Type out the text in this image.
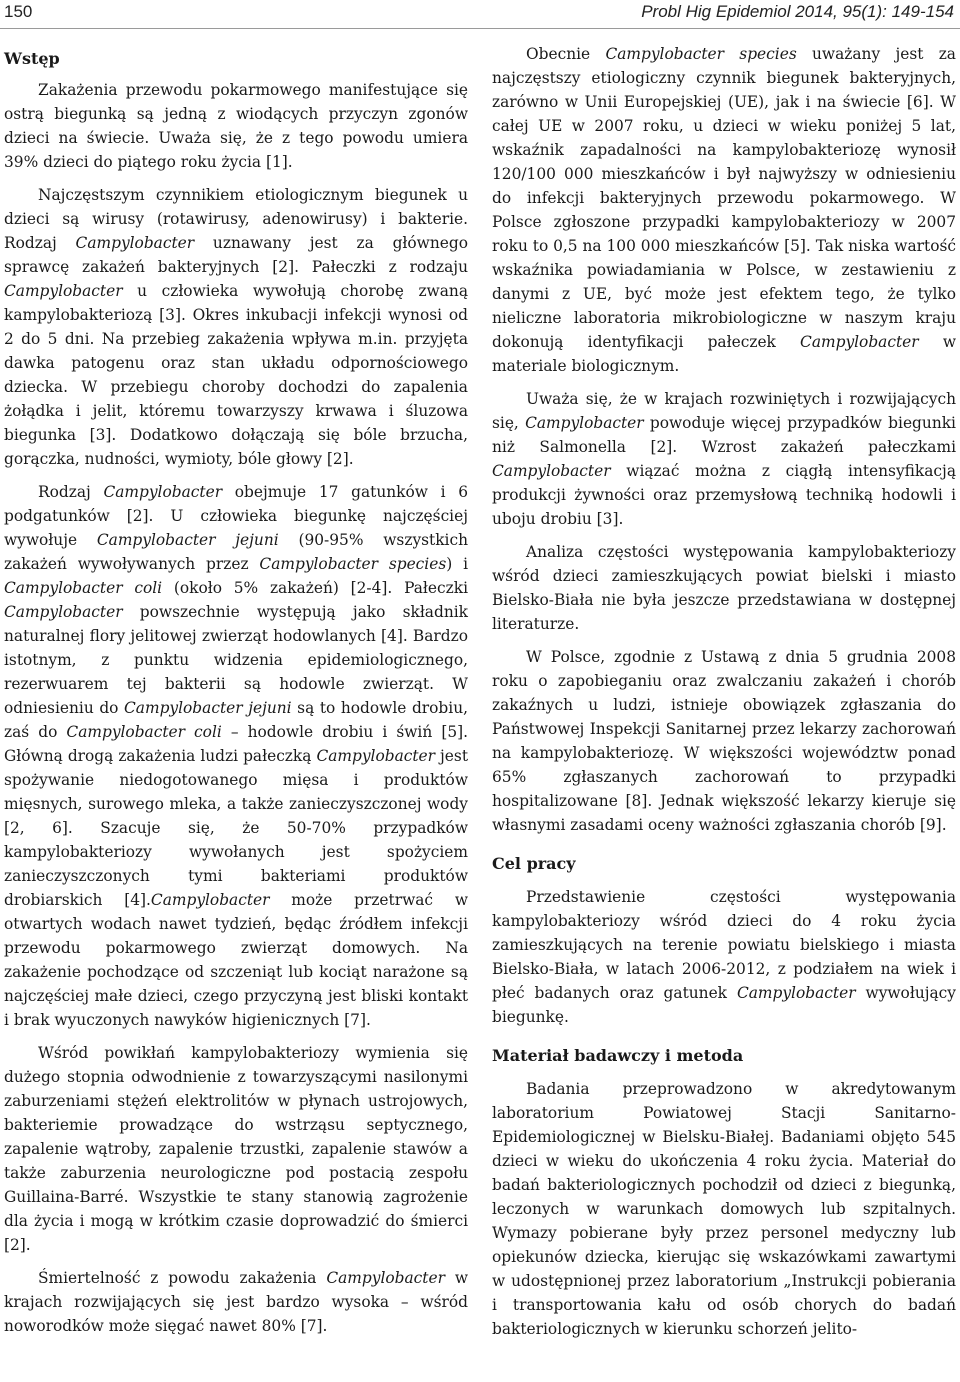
150	Probl Hig Epidemiol 2014, 95(1): 149-154
Wstęp

Zakażenia przewodu pokarmowego manifestujące się ostrą biegunką są jedną z wiodących przyczyn zgonów dzieci na świecie. Uważa się, że z tego powodu umiera 39% dzieci do piątego roku życia [1].

Najczęstszym czynnikiem etiologicznym biegunek u dzieci są wirusy (rotawirusy, adenowirusy) i bakterie. Rodzaj Campylobacter uznawany jest za głównego sprawcę zakażeń bakteryjnych [2]. Pałeczki z rodzaju Campylobacter u człowieka wywołują chorobę zwaną kampylobakteriozą [3]. Okres inkubacji infekcji wynosi od 2 do 5 dni. Na przebieg zakażenia wpływa m.in. przyjęta dawka patogenu oraz stan układu odpornościowego dziecka. W przebiegu choroby dochodzi do zapalenia żołądka i jelit, któremu towarzyszy krwawa i śluzowa biegunka [3]. Dodatkowo dołączają się bóle brzucha, gorączka, nudności, wymioty, bóle głowy [2].

Rodzaj Campylobacter obejmuje 17 gatunków i 6 podgatunków [2]. U człowieka biegunkę najczęściej wywołuje Campylobacter jejuni (90-95% wszystkich zakażeń wywoływanych przez Campylobacter species) i Campylobacter coli (około 5% zakażeń) [2-4]. Pałeczki Campylobacter powszechnie występują jako składnik naturalnej flory jelitowej zwierząt hodowlanych [4]. Bardzo istotnym, z punktu widzenia epidemiologicznego, rezerwuarem tej bakterii są hodowle zwierząt. W odniesieniu do Campylobacter jejuni są to hodowle drobiu, zaś do Campylobacter coli – hodowle drobiu i świń [5]. Główną drogą zakażenia ludzi pałeczką Campylobacter jest spożywanie niedogotowanego mięsa i produktów mięsnych, surowego mleka, a także zanieczyszczonej wody [2, 6]. Szacuje się, że 50-70% przypadków kampylobakteriozy wywołanych jest spożyciem zanieczyszczonych tymi bakteriami produktów drobiarskich [4].Campylobacter może przetrwać w otwartych wodach nawet tydzień, będąc źródłem infekcji przewodu pokarmowego zwierząt domowych. Na zakażenie pochodzące od szczeniąt lub kociąt narażone są najczęściej małe dzieci, czego przyczyną jest bliski kontakt i brak wyuczonych nawyków higienicznych [7].

Wśród powikłań kampylobakteriozy wymienia się dużego stopnia odwodnienie z towarzyszącymi nasilonymi zaburzeniami stężeń elektrolitów w płynach ustrojowych, bakteriemie prowadzące do wstrząsu septycznego, zapalenie wątroby, zapalenie trzustki, zapalenie stawów a także zaburzenia neurologiczne pod postacią zespołu Guillaina-Barré. Wszystkie te stany stanowią zagrożenie dla życia i mogą w krótkim czasie doprowadzić do śmierci [2].

Śmiertelność z powodu zakażenia Campylobacter w krajach rozwijających się jest bardzo wysoka – wśród noworodków może sięgać nawet 80% [7].

Obecnie Campylobacter species uważany jest za najczęstszy etiologiczny czynnik biegunek bakteryjnych, zarówno w Unii Europejskiej (UE), jak i na świecie [6]. W całej UE w 2007 roku, u dzieci w wieku poniżej 5 lat, wskaźnik zapadalności na kampylobakteriozę wynosił 120/100 000 mieszkańców i był najwyższy w odniesieniu do infekcji bakteryjnych przewodu pokarmowego. W Polsce zgłoszone przypadki kampylobakteriozy w 2007 roku to 0,5 na 100 000 mieszkańców [5]. Tak niska wartość wskaźnika powiadamiania w Polsce, w zestawieniu z danymi z UE, być może jest efektem tego, że tylko nieliczne laboratoria mikrobiologiczne w naszym kraju dokonują identyfikacji pałeczek Campylobacter w materiale biologicznym.

Uważa się, że w krajach rozwiniętych i rozwijających się, Campylobacter powoduje więcej przypadków biegunki niż Salmonella [2]. Wzrost zakażeń pałeczkami Campylobacter wiązać można z ciągłą intensyfikacją produkcji żywności oraz przemysłową techniką hodowli i uboju drobiu [3].

Analiza częstości występowania kampylobakteriozy wśród dzieci zamieszkujących powiat bielski i miasto Bielsko-Biała nie była jeszcze przedstawiana w dostępnej literaturze.

W Polsce, zgodnie z Ustawą z dnia 5 grudnia 2008 roku o zapobieganiu oraz zwalczaniu zakażeń i chorób zakaźnych u ludzi, istnieje obowiązek zgłaszania do Państwowej Inspekcji Sanitarnej przez lekarzy zachorowań na kampylobakteriozę. W większości województw ponad 65% zgłaszanych zachorowań to przypadki hospitalizowane [8]. Jednak większość lekarzy kieruje się własnymi zasadami oceny ważności zgłaszania chorób [9].

Cel pracy

Przedstawienie częstości występowania kampylobakteriozy wśród dzieci do 4 roku życia zamieszkujących na terenie powiatu bielskiego i miasta Bielsko-Biała, w latach 2006-2012, z podziałem na wiek i płeć badanych oraz gatunek Campylobacter wywołujący biegunkę.

Materiał badawczy i metoda

Badania przeprowadzono w akredytowanym laboratorium Powiatowej Stacji Sanitarno-Epidemiologicznej w Bielsku-Białej. Badaniami objęto 545 dzieci w wieku do ukończenia 4 roku życia. Materiał do badań bakteriologicznych pochodził od dzieci z biegunką, leczonych w warunkach domowych lub szpitalnych. Wymazy pobierane były przez personel medyczny lub opiekunów dziecka, kierując się wskazówkami zawartymi w udostępnionej przez laboratorium „Instrukcji pobierania i transportowania kału od osób chorych do badań bakteriologicznych w kierunku schorzeń jelito-
